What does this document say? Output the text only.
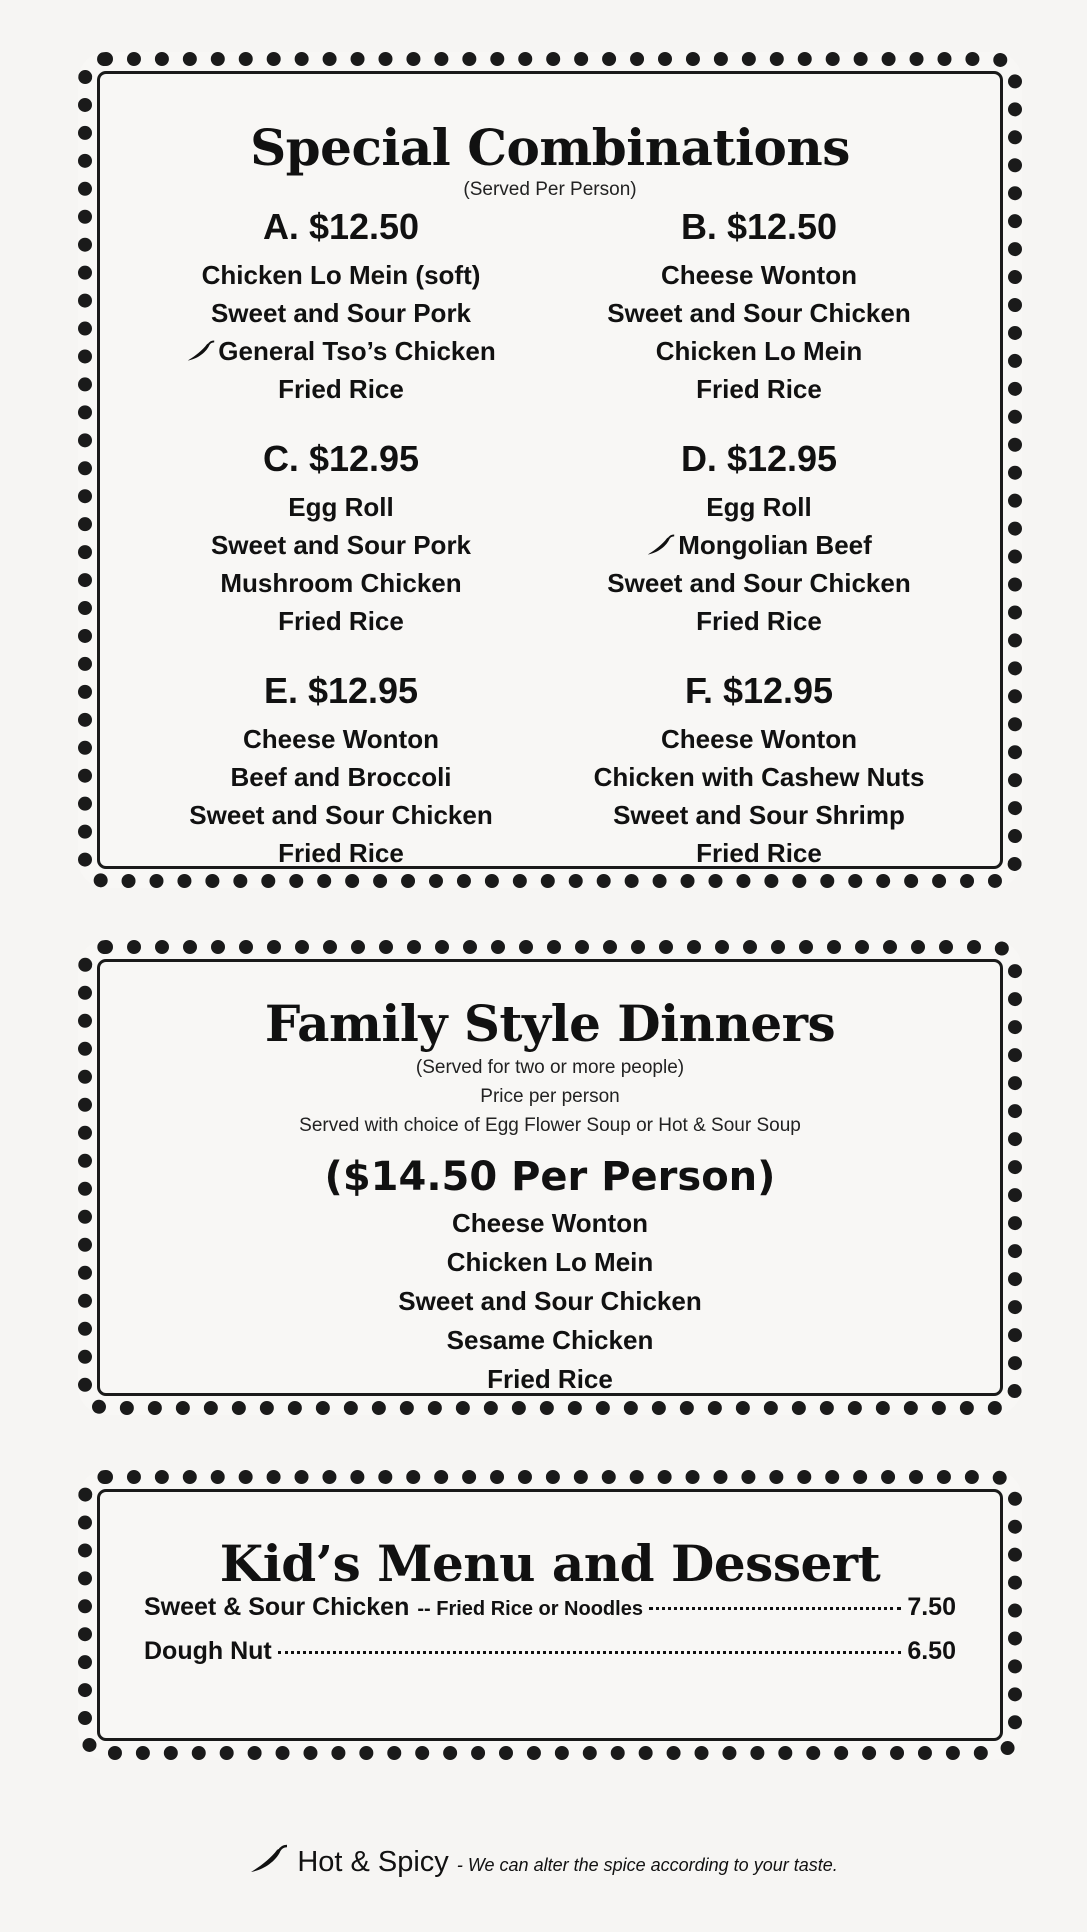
Special Combinations
(Served Per Person)
A. $12.50
Chicken Lo Mein (soft)
Sweet and Sour Pork
General Tso’s Chicken
Fried Rice
B. $12.50
Cheese Wonton
Sweet and Sour Chicken
Chicken Lo Mein
Fried Rice
C. $12.95
Egg Roll
Sweet and Sour Pork
Mushroom Chicken
Fried Rice
D. $12.95
Egg Roll
Mongolian Beef
Sweet and Sour Chicken
Fried Rice
E. $12.95
Cheese Wonton
Beef and Broccoli
Sweet and Sour Chicken
Fried Rice
F. $12.95
Cheese Wonton
Chicken with Cashew Nuts
Sweet and Sour Shrimp
Fried Rice
Family Style Dinners
(Served for two or more people)
Price per person
Served with choice of Egg Flower Soup or Hot & Sour Soup
($14.50 Per Person)
Cheese Wonton
Chicken Lo Mein
Sweet and Sour Chicken
Sesame Chicken
Fried Rice
Kid’s Menu and Dessert
Sweet & Sour Chicken -- Fried Rice or Noodles	7.50
Dough Nut	6.50
Hot & Spicy - We can alter the spice according to your taste.
